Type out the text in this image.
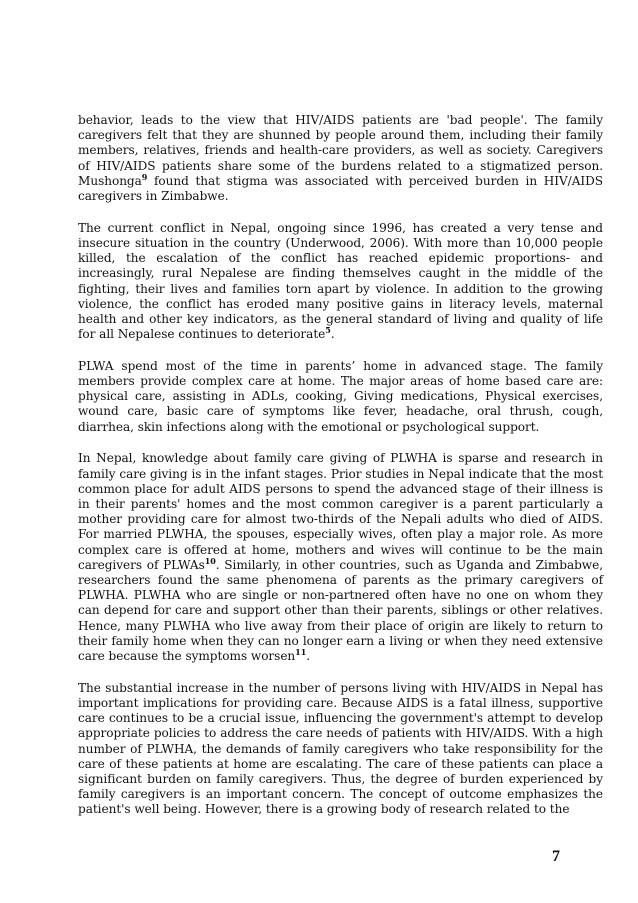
behavior, leads to the view that HIV/AIDS patients are 'bad people'. The family caregivers felt that they are shunned by people around them, including their family members, relatives, friends and health-care providers, as well as society. Caregivers of HIV/AIDS patients share some of the burdens related to a stigmatized person. Mushonga$^9$ found that stigma was associated with perceived burden in HIV/AIDS caregivers in Zimbabwe.

The current conflict in Nepal, ongoing since 1996, has created a very tense and insecure situation in the country (Underwood, 2006). With more than 10,000 people killed, the escalation of the conflict has reached epidemic proportions- and increasingly, rural Nepalese are finding themselves caught in the middle of the fighting, their lives and families torn apart by violence. In addition to the growing violence, the conflict has eroded many positive gains in literacy levels, maternal health and other key indicators, as the general standard of living and quality of life for all Nepalese continues to deteriorate$^5$.

PLWA spend most of the time in parents’ home in advanced stage. The family members provide complex care at home. The major areas of home based care are: physical care, assisting in ADLs, cooking, Giving medications, Physical exercises, wound care, basic care of symptoms like fever, headache, oral thrush, cough, diarrhea, skin infections along with the emotional or psychological support.

In Nepal, knowledge about family care giving of PLWHA is sparse and research in family care giving is in the infant stages. Prior studies in Nepal indicate that the most common place for adult AIDS persons to spend the advanced stage of their illness is in their parents' homes and the most common caregiver is a parent particularly a mother providing care for almost two-thirds of the Nepali adults who died of AIDS. For married PLWHA, the spouses, especially wives, often play a major role. As more complex care is offered at home, mothers and wives will continue to be the main caregivers of PLWAs$^{10}$. Similarly, in other countries, such as Uganda and Zimbabwe, researchers found the same phenomena of parents as the primary caregivers of PLWHA. PLWHA who are single or non-partnered often have no one on whom they can depend for care and support other than their parents, siblings or other relatives. Hence, many PLWHA who live away from their place of origin are likely to return to their family home when they can no longer earn a living or when they need extensive care because the symptoms worsen$^{11}$.

The substantial increase in the number of persons living with HIV/AIDS in Nepal has important implications for providing care. Because AIDS is a fatal illness, supportive care continues to be a crucial issue, influencing the government's attempt to develop appropriate policies to address the care needs of patients with HIV/AIDS. With a high number of PLWHA, the demands of family caregivers who take responsibility for the care of these patients at home are escalating. The care of these patients can place a significant burden on family caregivers. Thus, the degree of burden experienced by family caregivers is an important concern. The concept of outcome emphasizes the patient's well being. However, there is a growing body of research related to the

7
